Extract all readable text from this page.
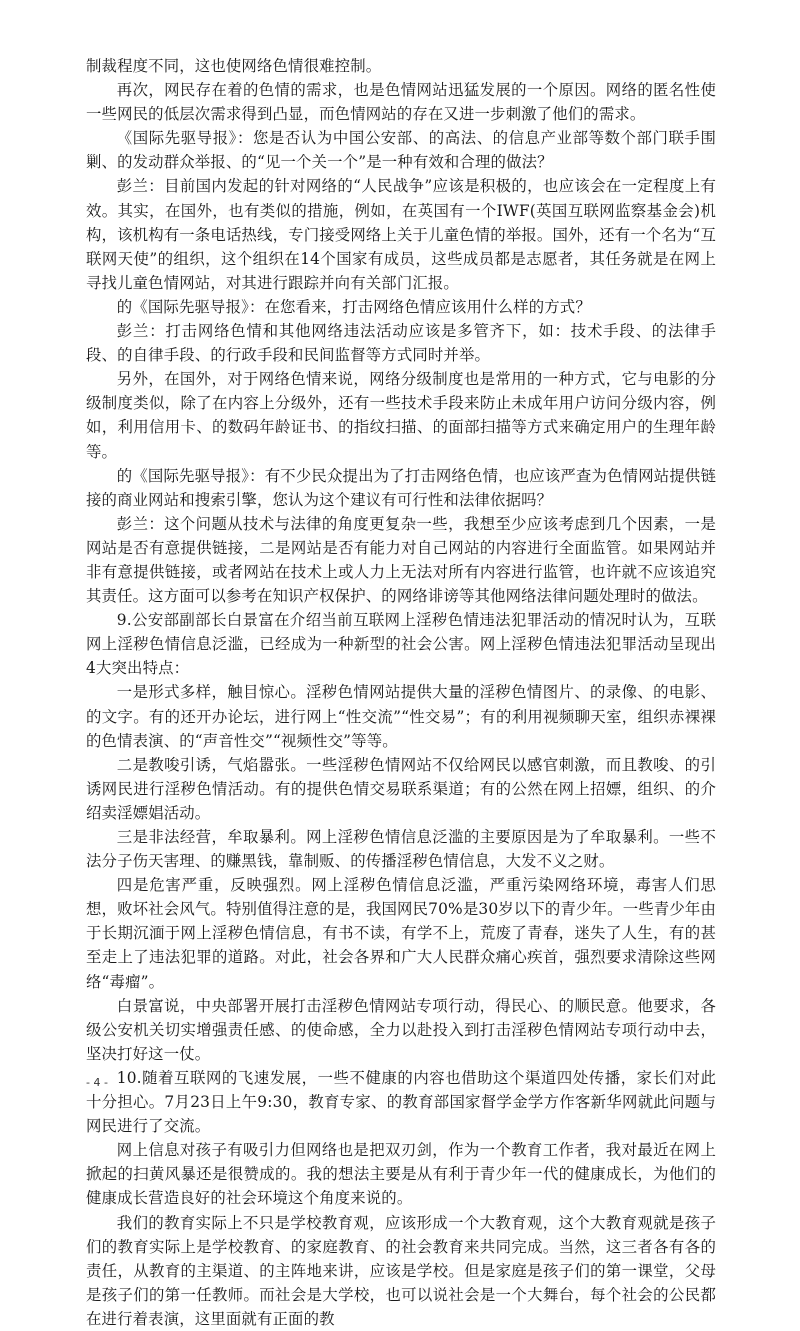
制裁程度不同，这也使网络色情很难控制。

再次，网民存在着的色情的需求，也是色情网站迅猛发展的一个原因。网络的匿名性使一些网民的低层次需求得到凸显，而色情网站的存在又进一步刺激了他们的需求。

《国际先驱导报》：您是否认为中国公安部、的高法、的信息产业部等数个部门联手围剿、的发动群众举报、的“见一个关一个”是一种有效和合理的做法？

彭兰：目前国内发起的针对网络的“人民战争”应该是积极的，也应该会在一定程度上有效。其实，在国外，也有类似的措施，例如，在英国有一个IWF(英国互联网监察基金会)机构，该机构有一条电话热线，专门接受网络上关于儿童色情的举报。国外，还有一个名为“互联网天使”的组织，这个组织在14个国家有成员，这些成员都是志愿者，其任务就是在网上寻找儿童色情网站，对其进行跟踪并向有关部门汇报。

的《国际先驱导报》：在您看来，打击网络色情应该用什么样的方式？

彭兰：打击网络色情和其他网络违法活动应该是多管齐下，如：技术手段、的法律手段、的自律手段、的行政手段和民间监督等方式同时并举。

另外，在国外，对于网络色情来说，网络分级制度也是常用的一种方式，它与电影的分级制度类似，除了在内容上分级外，还有一些技术手段来防止未成年用户访问分级内容，例如，利用信用卡、的数码年龄证书、的指纹扫描、的面部扫描等方式来确定用户的生理年龄等。

的《国际先驱导报》：有不少民众提出为了打击网络色情，也应该严查为色情网站提供链接的商业网站和搜索引擎，您认为这个建议有可行性和法律依据吗？

彭兰：这个问题从技术与法律的角度更复杂一些，我想至少应该考虑到几个因素，一是网站是否有意提供链接，二是网站是否有能力对自己网站的内容进行全面监管。如果网站并非有意提供链接，或者网站在技术上或人力上无法对所有内容进行监管，也许就不应该追究其责任。这方面可以参考在知识产权保护、的网络诽谤等其他网络法律问题处理时的做法。

9.公安部副部长白景富在介绍当前互联网上淫秽色情违法犯罪活动的情况时认为，互联网上淫秽色情信息泛滥，已经成为一种新型的社会公害。网上淫秽色情违法犯罪活动呈现出4大突出特点：

一是形式多样，触目惊心。淫秽色情网站提供大量的淫秽色情图片、的录像、的电影、的文字。有的还开办论坛，进行网上“性交流”“性交易”；有的利用视频聊天室，组织赤裸裸的色情表演、的“声音性交”“视频性交”等等。

二是教唆引诱，气焰嚣张。一些淫秽色情网站不仅给网民以感官刺激，而且教唆、的引诱网民进行淫秽色情活动。有的提供色情交易联系渠道；有的公然在网上招嫖，组织、的介绍卖淫嫖娼活动。

三是非法经营，牟取暴利。网上淫秽色情信息泛滥的主要原因是为了牟取暴利。一些不法分子伤天害理、的赚黑钱，靠制贩、的传播淫秽色情信息，大发不义之财。

四是危害严重，反映强烈。网上淫秽色情信息泛滥，严重污染网络环境，毒害人们思想，败坏社会风气。特别值得注意的是，我国网民70%是30岁以下的青少年。一些青少年由于长期沉湎于网上淫秽色情信息，有书不读，有学不上，荒废了青春，迷失了人生，有的甚至走上了违法犯罪的道路。对此，社会各界和广大人民群众痛心疾首，强烈要求清除这些网络“毒瘤”。

白景富说，中央部署开展打击淫秽色情网站专项行动，得民心、的顺民意。他要求，各级公安机关切实增强责任感、的使命感，全力以赴投入到打击淫秽色情网站专项行动中去，坚决打好这一仗。

10.随着互联网的飞速发展，一些不健康的内容也借助这个渠道四处传播，家长们对此十分担心。7月23日上午9:30，教育专家、的教育部国家督学金学方作客新华网就此问题与网民进行了交流。

网上信息对孩子有吸引力但网络也是把双刃剑，作为一个教育工作者，我对最近在网上掀起的扫黄风暴还是很赞成的。我的想法主要是从有利于青少年一代的健康成长，为他们的健康成长营造良好的社会环境这个角度来说的。

我们的教育实际上不只是学校教育观，应该形成一个大教育观，这个大教育观就是孩子们的教育实际上是学校教育、的家庭教育、的社会教育来共同完成。当然，这三者各有各的责任，从教育的主渠道、的主阵地来讲，应该是学校。但是家庭是孩子们的第一课堂，父母是孩子们的第一任教师。而社会是大学校，也可以说社会是一个大舞台，每个社会的公民都在进行着表演，这里面就有正面的教

- 4 -
